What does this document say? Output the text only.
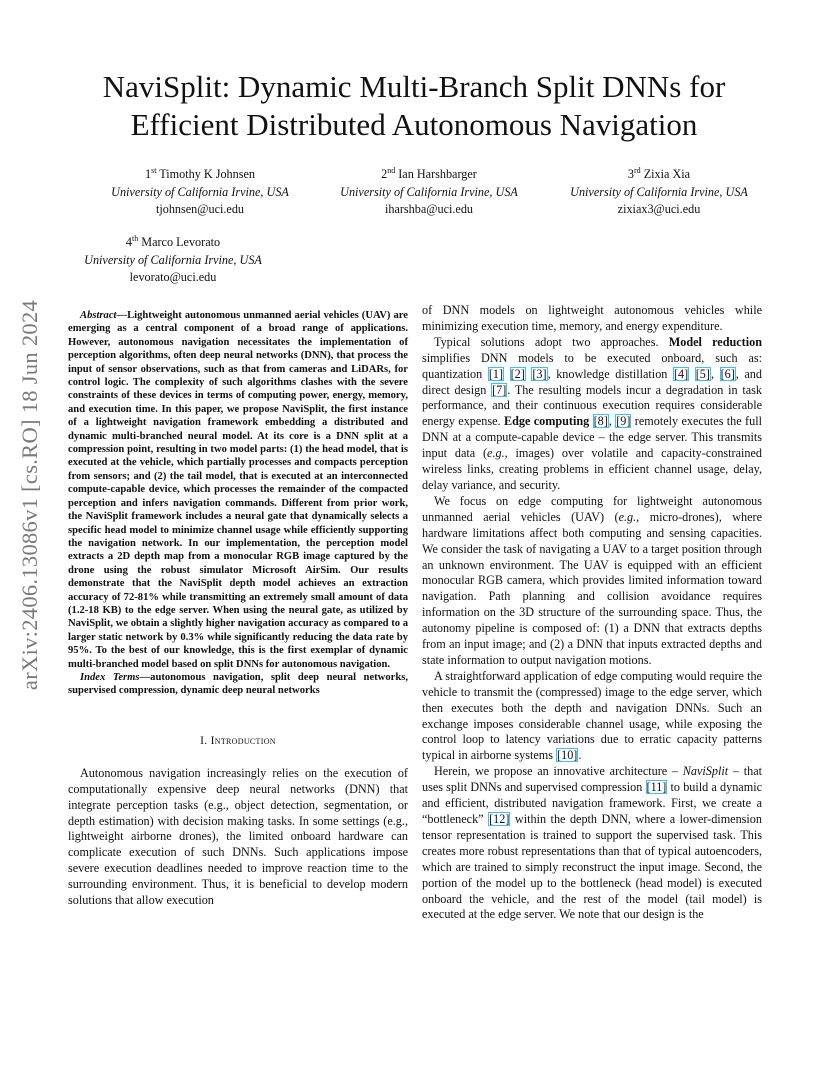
NaviSplit: Dynamic Multi-Branch Split DNNs for
Efficient Distributed Autonomous Navigation
1st Timothy K Johnsen
University of California Irvine, USA
tjohnsen@uci.edu
2nd Ian Harshbarger
University of California Irvine, USA
iharshba@uci.edu
3rd Zixia Xia
University of California Irvine, USA
zixiax3@uci.edu
4th Marco Levorato
University of California Irvine, USA
levorato@uci.edu
arXiv:2406.13086v1 [cs.RO] 18 Jun 2024	Abstract—Lightweight autonomous unmanned aerial vehicles (UAV) are emerging as a central component of a broad range of applications. However, autonomous navigation necessitates the implementation of perception algorithms, often deep neural networks (DNN), that process the input of sensor observations, such as that from cameras and LiDARs, for control logic. The complexity of such algorithms clashes with the severe constraints of these devices in terms of computing power, energy, memory, and execution time. In this paper, we propose NaviSplit, the first instance of a lightweight navigation framework embedding a distributed and dynamic multi-branched neural model. At its core is a DNN split at a compression point, resulting in two model parts: (1) the head model, that is executed at the vehicle, which partially processes and compacts perception from sensors; and (2) the tail model, that is executed at an interconnected compute-capable device, which processes the remainder of the compacted perception and infers navigation commands. Different from prior work, the NaviSplit framework includes a neural gate that dynamically selects a specific head model to minimize channel usage while efficiently supporting the navigation network. In our implementation, the perception model extracts a 2D depth map from a monocular RGB image captured by the drone using the robust simulator Microsoft AirSim. Our results demonstrate that the NaviSplit depth model achieves an extraction accuracy of 72-81% while transmitting an extremely small amount of data (1.2-18 KB) to the edge server. When using the neural gate, as utilized by NaviSplit, we obtain a slightly higher navigation accuracy as compared to a larger static network by 0.3% while significantly reducing the data rate by 95%. To the best of our knowledge, this is the first exemplar of dynamic multi-branched model based on split DNNs for autonomous navigation.

Index Terms—autonomous navigation, split deep neural networks, supervised compression, dynamic deep neural networks

I. Introduction

Autonomous navigation increasingly relies on the execution of computationally expensive deep neural networks (DNN) that integrate perception tasks (e.g., object detection, segmentation, or depth estimation) with decision making tasks. In some settings (e.g., lightweight airborne drones), the limited onboard hardware can complicate execution of such DNNs. Such applications impose severe execution deadlines needed to improve reaction time to the surrounding environment. Thus, it is beneficial to develop modern solutions that allow execution

of DNN models on lightweight autonomous vehicles while minimizing execution time, memory, and energy expenditure.

Typical solutions adopt two approaches. Model reduction simplifies DNN models to be executed onboard, such as: quantization [1] [2] [3], knowledge distillation [4] [5], [6], and direct design [7]. The resulting models incur a degradation in task performance, and their continuous execution requires considerable energy expense. Edge computing [8], [9] remotely executes the full DNN at a compute-capable device – the edge server. This transmits input data (e.g., images) over volatile and capacity-constrained wireless links, creating problems in efficient channel usage, delay, delay variance, and security.

We focus on edge computing for lightweight autonomous unmanned aerial vehicles (UAV) (e.g., micro-drones), where hardware limitations affect both computing and sensing capacities. We consider the task of navigating a UAV to a target position through an unknown environment. The UAV is equipped with an efficient monocular RGB camera, which provides limited information toward navigation. Path planning and collision avoidance requires information on the 3D structure of the surrounding space. Thus, the autonomy pipeline is composed of: (1) a DNN that extracts depths from an input image; and (2) a DNN that inputs extracted depths and state information to output navigation motions.

A straightforward application of edge computing would require the vehicle to transmit the (compressed) image to the edge server, which then executes both the depth and navigation DNNs. Such an exchange imposes considerable channel usage, while exposing the control loop to latency variations due to erratic capacity patterns typical in airborne systems [10].

Herein, we propose an innovative architecture – NaviSplit – that uses split DNNs and supervised compression [11] to build a dynamic and efficient, distributed navigation framework. First, we create a “bottleneck” [12] within the depth DNN, where a lower-dimension tensor representation is trained to support the supervised task. This creates more robust representations than that of typical autoencoders, which are trained to simply reconstruct the input image. Second, the portion of the model up to the bottleneck (head model) is executed onboard the vehicle, and the rest of the model (tail model) is executed at the edge server. We note that our design is the
